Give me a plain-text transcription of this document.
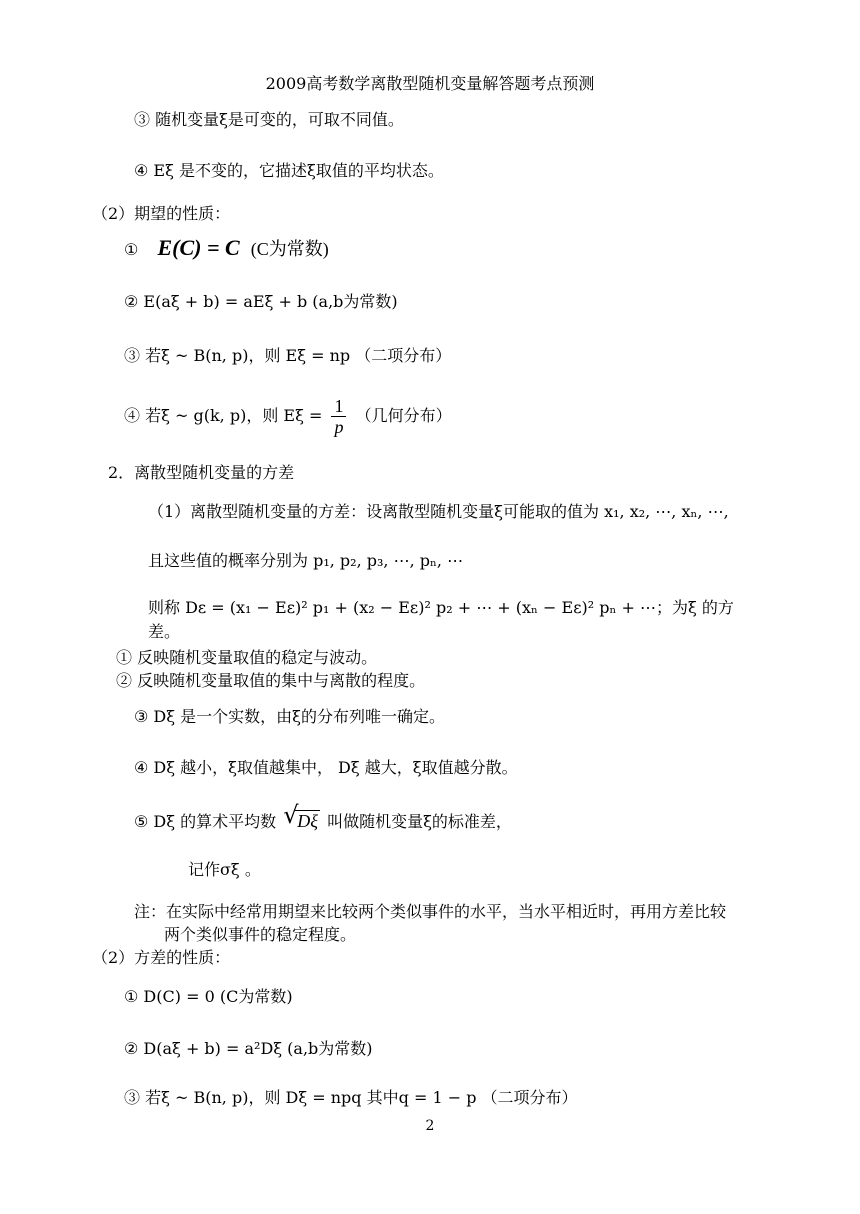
2009高考数学离散型随机变量解答题考点预测
③ 随机变量ξ是可变的，可取不同值。
④ Eξ 是不变的，它描述ξ取值的平均状态。
（2）期望的性质：
① E(C) = C (C为常数)
② E(aξ + b) = aEξ + b (a,b为常数)
③ 若ξ ~ B(n, p)，则 Eξ = np （二项分布）
④ 若ξ ~ g(k, p)，则 $E\xi = \frac{1}{p}$ （几何分布）
2．离散型随机变量的方差
（1）离散型随机变量的方差：设离散型随机变量ξ可能取的值为 x₁, x₂, ⋯, xₙ, ⋯,
且这些值的概率分别为 p₁, p₂, p₃, ⋯, pₙ, ⋯
则称 Dε = (x₁ − Eε)² p₁ + (x₂ − Eε)² p₂ + ⋯ + (xₙ − Eε)² pₙ + ⋯；为ξ 的方
差。
① 反映随机变量取值的稳定与波动。
② 反映随机变量取值的集中与离散的程度。
③ Dξ 是一个实数，由ξ的分布列唯一确定。
④ Dξ 越小，ξ取值越集中， Dξ 越大，ξ取值越分散。
⑤ Dξ 的算术平均数 √
Dξ 叫做随机变量ξ的标准差，
记作σξ 。
注：在实际中经常用期望来比较两个类似事件的水平，当水平相近时，再用方差比较
两个类似事件的稳定程度。
（2）方差的性质：
① D(C) = 0 (C为常数)
② D(aξ + b) = a²Dξ (a,b为常数)
③ 若ξ ~ B(n, p)，则 Dξ = npq 其中q = 1 − p （二项分布）
2
